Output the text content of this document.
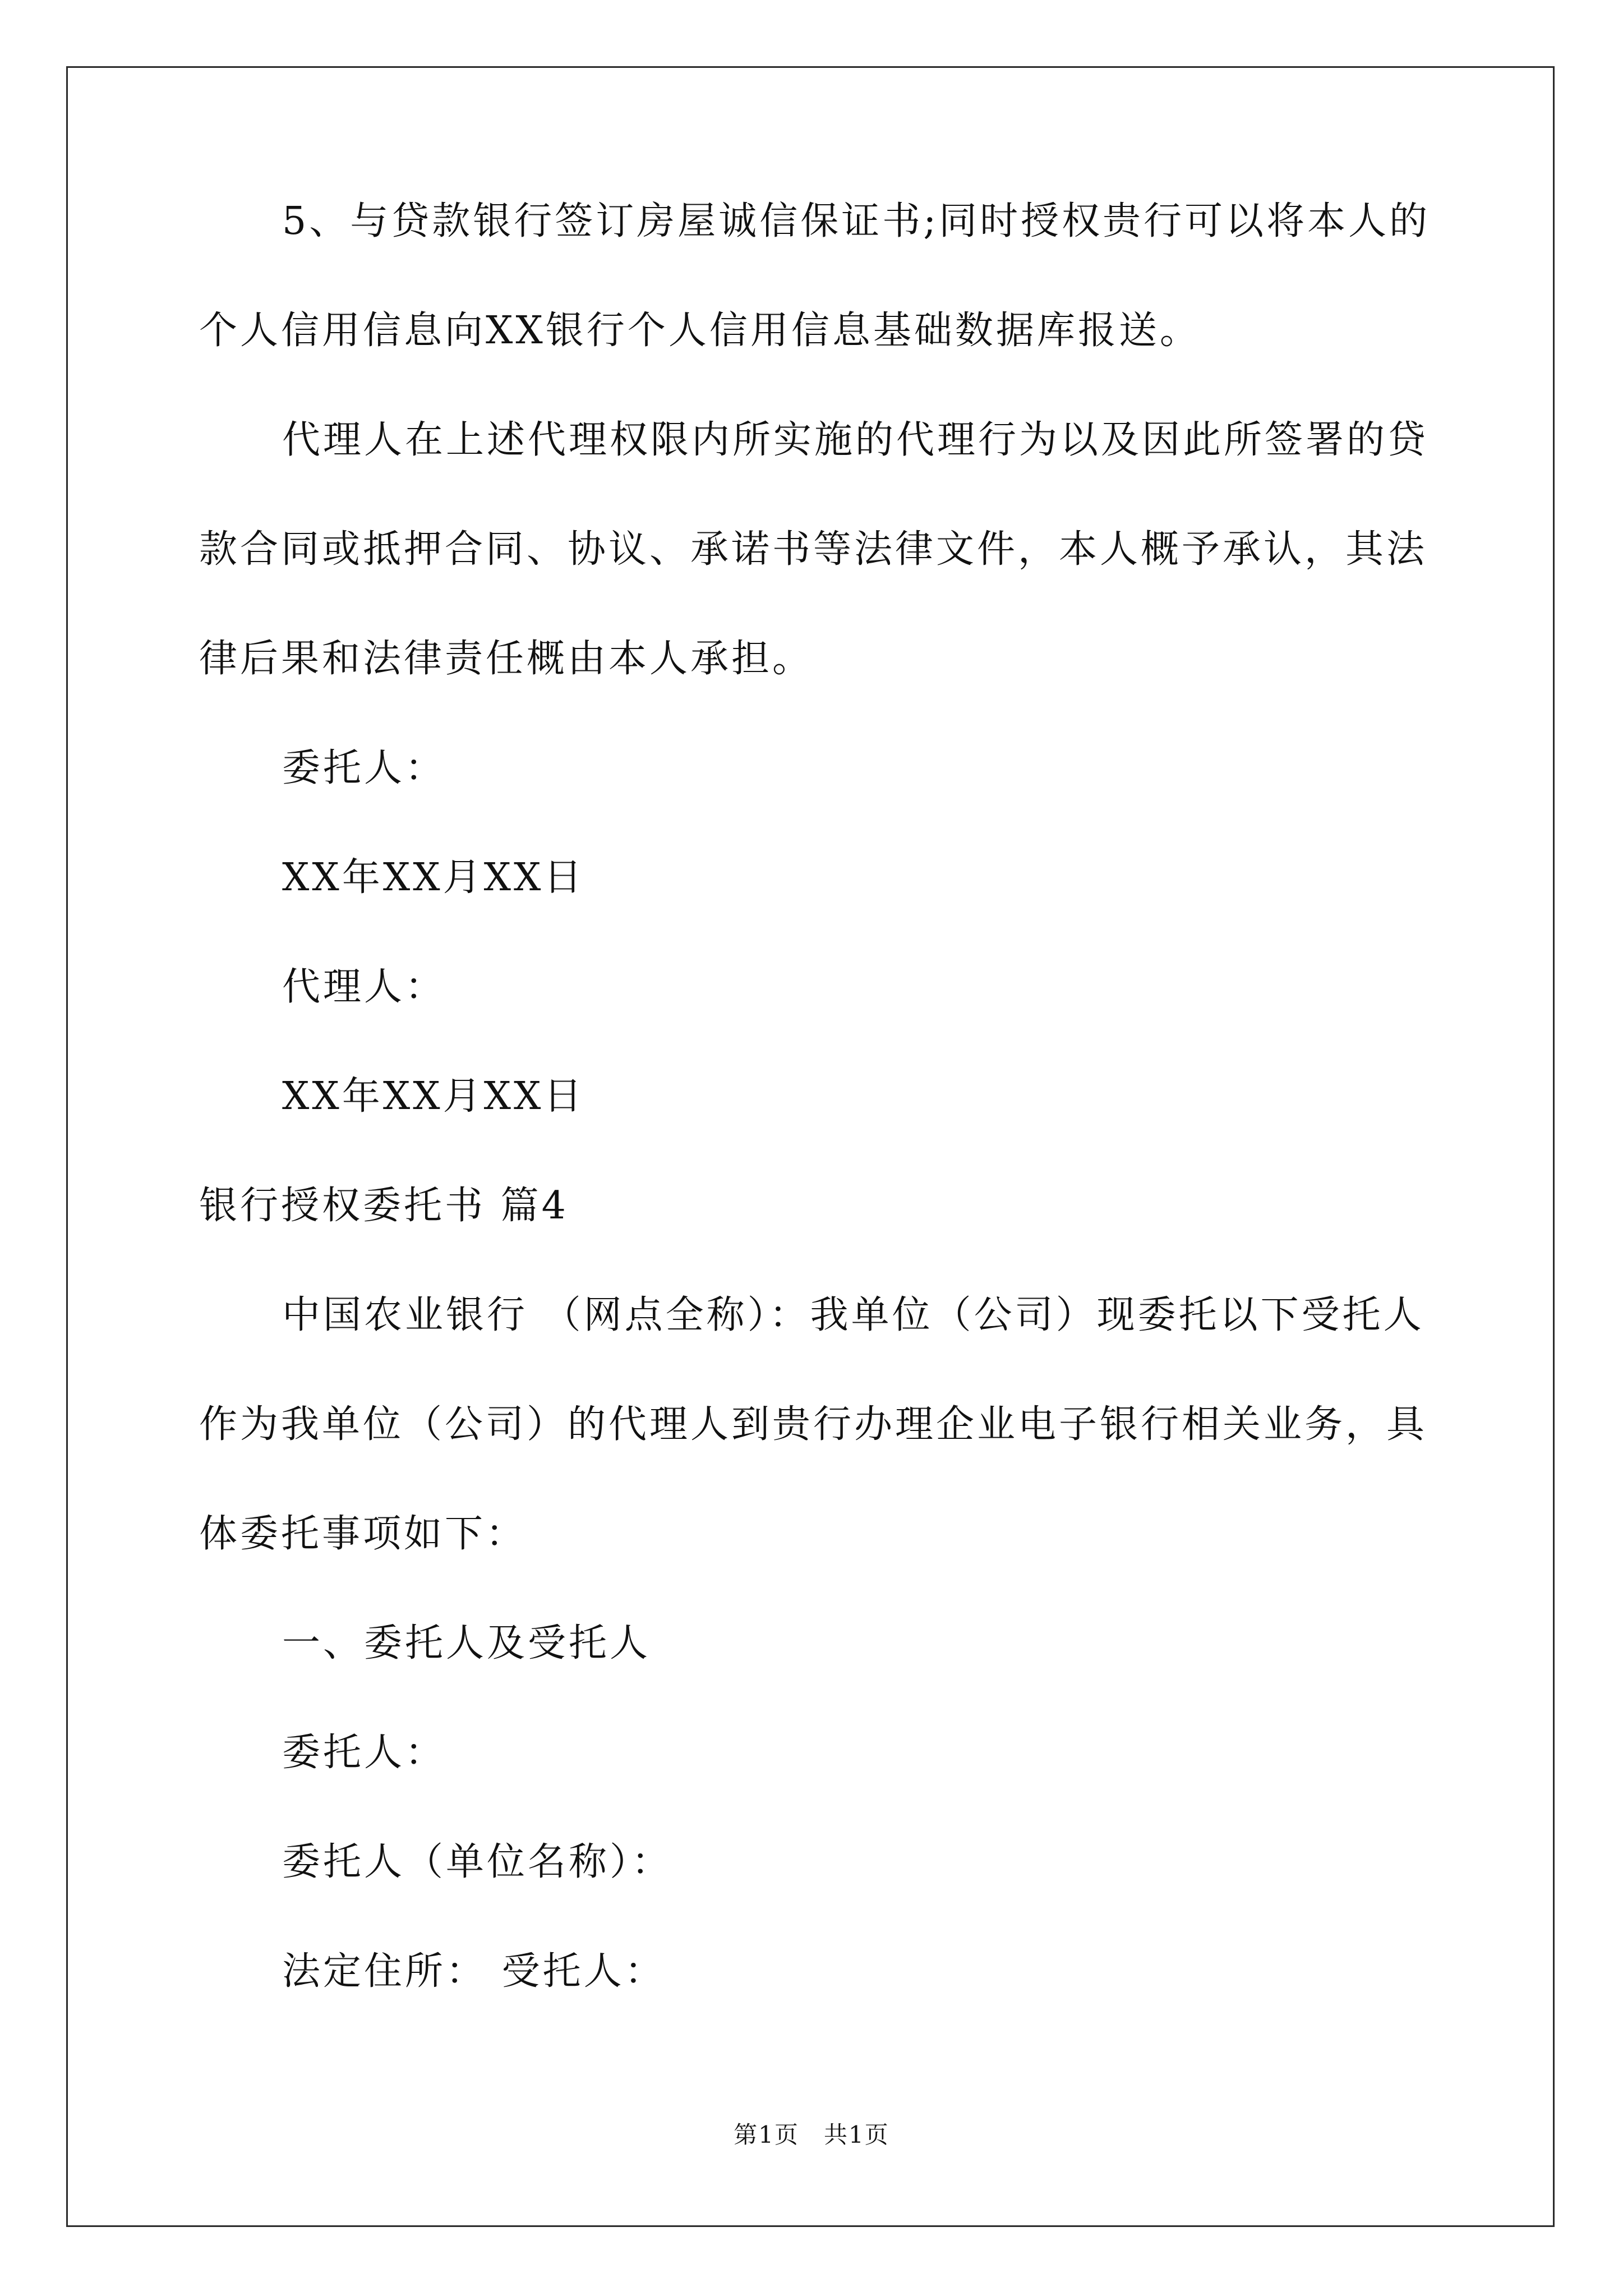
5、与贷款银行签订房屋诚信保证书;同时授权贵行可以将本人的
个人信用信息向XX银行个人信用信息基础数据库报送。
代理人在上述代理权限内所实施的代理行为以及因此所签署的贷
款合同或抵押合同、协议、承诺书等法律文件，本人概予承认，其法
律后果和法律责任概由本人承担。
委托人：
XX年XX月XX日
代理人：
XX年XX月XX日
银行授权委托书 篇4
中国农业银行 （网点全称）：我单位（公司）现委托以下受托人
作为我单位（公司）的代理人到贵行办理企业电子银行相关业务，具
体委托事项如下：
一、委托人及受托人
委托人：
委托人（单位名称）：
法定住所： 受托人：
第1页　共1页
